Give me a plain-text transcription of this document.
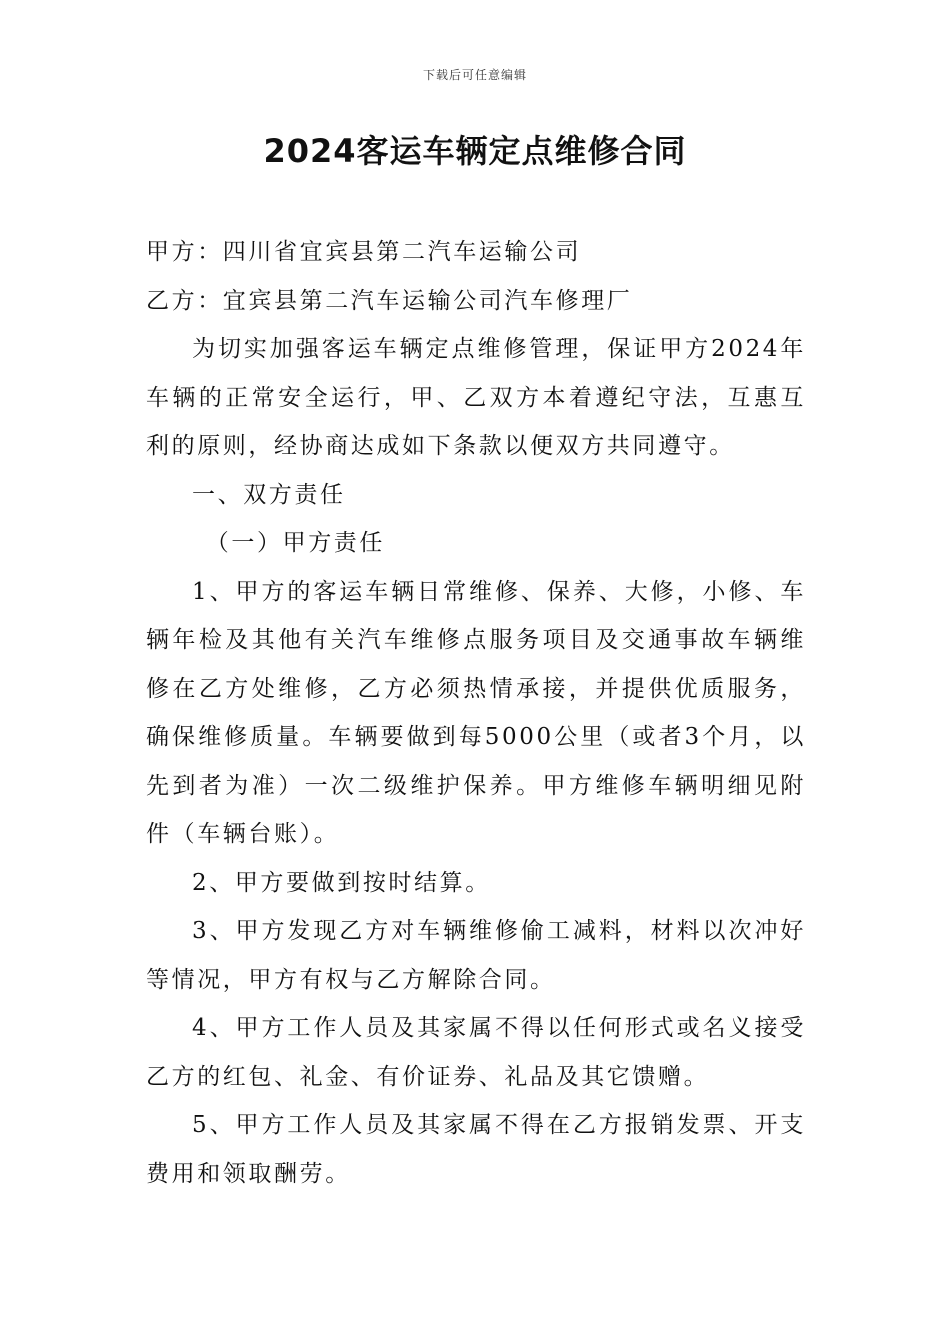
下载后可任意编辑
2024客运车辆定点维修合同

甲方：四川省宜宾县第二汽车运输公司

乙方：宜宾县第二汽车运输公司汽车修理厂

为切实加强客运车辆定点维修管理，保证甲方2024年车辆的正常安全运行，甲、乙双方本着遵纪守法，互惠互利的原则，经协商达成如下条款以便双方共同遵守。

一、双方责任

（一）甲方责任

1、甲方的客运车辆日常维修、保养、大修，小修、车辆年检及其他有关汽车维修点服务项目及交通事故车辆维修在乙方处维修，乙方必须热情承接，并提供优质服务，确保维修质量。车辆要做到每5000公里（或者3个月，以先到者为准）一次二级维护保养。甲方维修车辆明细见附件（车辆台账）。

2、甲方要做到按时结算。

3、甲方发现乙方对车辆维修偷工减料，材料以次冲好等情况，甲方有权与乙方解除合同。

4、甲方工作人员及其家属不得以任何形式或名义接受乙方的红包、礼金、有价证券、礼品及其它馈赠。

5、甲方工作人员及其家属不得在乙方报销发票、开支费用和领取酬劳。
